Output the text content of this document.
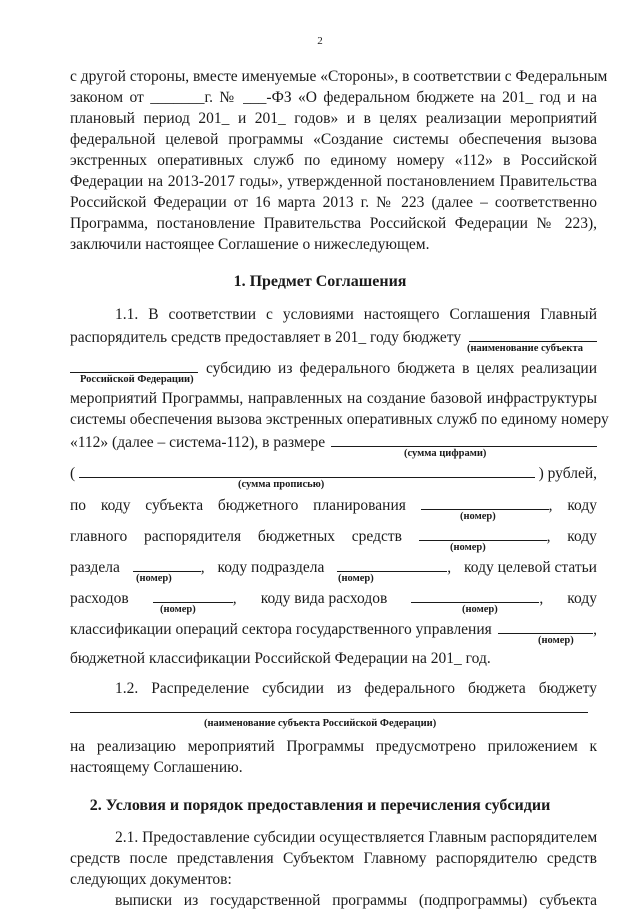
2
с другой стороны, вместе именуемые «Стороны», в соответствии с Федеральным
законом от _______г. № ___-ФЗ «О федеральном бюджете на 201_ год и на
плановый период 201_ и 201_ годов» и в целях реализации мероприятий
федеральной целевой программы «Создание системы обеспечения вызова
экстренных оперативных служб по единому номеру «112» в Российской
Федерации на 2013-2017 годы», утвержденной постановлением Правительства
Российской Федерации от 16 марта 2013 г. № 223 (далее – соответственно
Программа, постановление Правительства Российской Федерации № 223),
заключили настоящее Соглашение о нижеследующем.
1. Предмет Соглашения
1.1. В соответствии с условиями настоящего Соглашения Главный
распорядитель средств предоставляет в 201_ году бюджету
(наименование субъекта
субсидию из федерального бюджета в целях реализации
Российской Федерации)
мероприятий Программы, направленных на создание базовой инфраструктуры
системы обеспечения вызова экстренных оперативных служб по единому номеру
«112» (далее – система-112), в размере
(сумма цифрами)
(	) рублей,
(сумма прописью)
по коду субъекта бюджетного планирования	, коду
(номер)
главного распорядителя бюджетных средств	, коду
(номер)
раздела	, коду подраздела	, коду целевой статьи
(номер)	(номер)
расходов	, коду вида расходов	, коду
(номер)	(номер)
классификации операций сектора государственного управления	,
(номер)
бюджетной классификации Российской Федерации на 201_ год.
1.2. Распределение субсидии из федерального бюджета бюджету
(наименование субъекта Российской Федерации)
на реализацию мероприятий Программы предусмотрено приложением к
настоящему Соглашению.
2. Условия и порядок предоставления и перечисления субсидии
2.1. Предоставление субсидии осуществляется Главным распорядителем
средств после представления Субъектом Главному распорядителю средств
следующих документов:
выписки из государственной программы (подпрограммы) субъекта
